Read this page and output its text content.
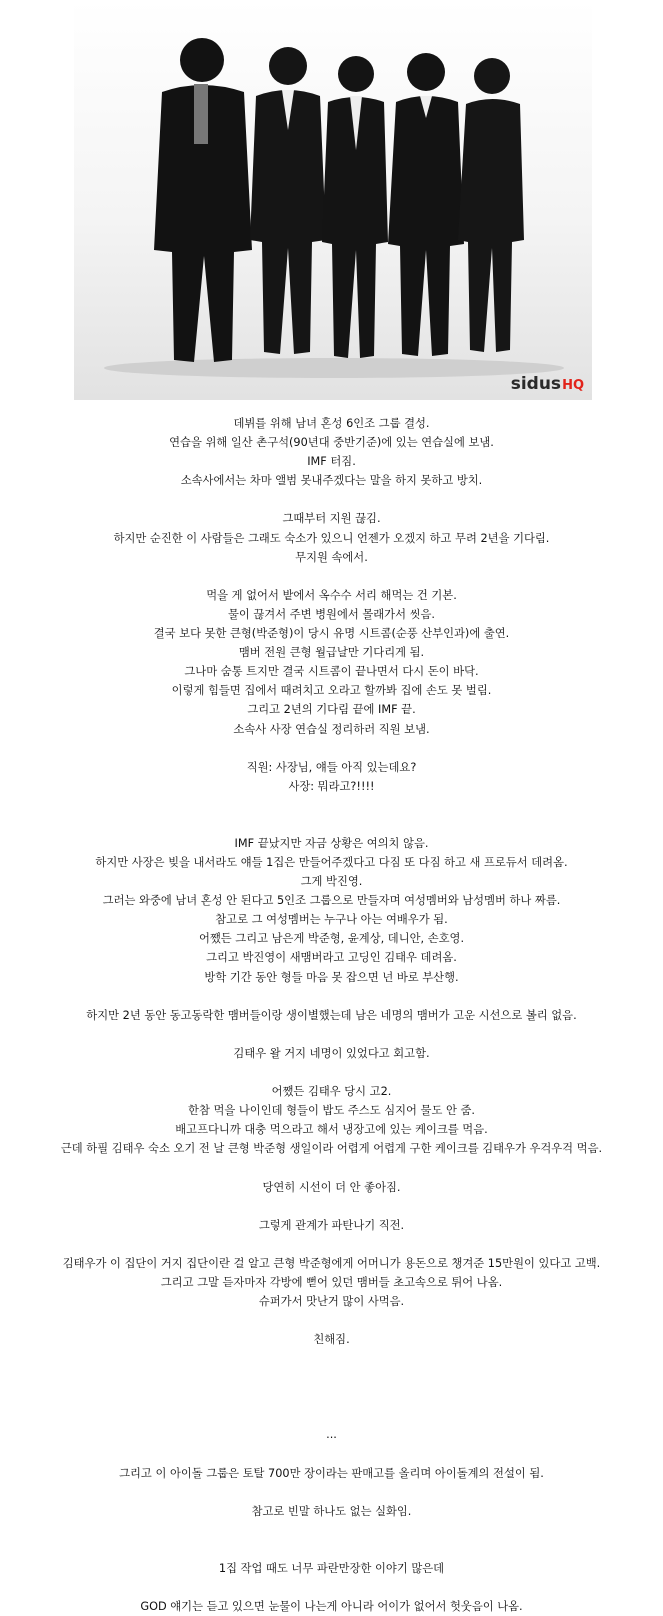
sidusHQ

데뷔를 위해 남녀 혼성 6인조 그룹 결성.

연습을 위해 일산 촌구석(90년대 중반기준)에 있는 연습실에 보냄.

IMF 터짐.

소속사에서는 차마 앨범 못내주겠다는 말을 하지 못하고 방치.

그때부터 지원 끊김.

하지만 순진한 이 사람들은 그래도 숙소가 있으니 언젠가 오겠지 하고 무려 2년을 기다림.

무지원 속에서.

먹을 게 없어서 밭에서 옥수수 서리 해먹는 건 기본.

물이 끊겨서 주변 병원에서 몰래가서 씻음.

결국 보다 못한 큰형(박준형)이 당시 유명 시트콤(순풍 산부인과)에 출연.

맴버 전원 큰형 월급날만 기다리게 됨.

그나마 숨통 트지만 결국 시트콤이 끝나면서 다시 돈이 바닥.

이렇게 힘들면 집에서 때려치고 오라고 할까봐 집에 손도 못 벌림.

그리고 2년의 기다림 끝에 IMF 끝.

소속사 사장 연습실 정리하러 직원 보냄.

직원: 사장님, 얘들 아직 있는데요?

사장: 뭐라고?!!!!

IMF 끝났지만 자금 상황은 여의치 않음.

하지만 사장은 빚을 내서라도 얘들 1집은 만들어주겠다고 다짐 또 다짐 하고 새 프로듀서 데려옴.

그게 박진영.

그러는 와중에 남녀 혼성 안 된다고 5인조 그룹으로 만들자며 여성멤버와 남성멤버 하나 짜름.

참고로 그 여성멤버는 누구나 아는 여배우가 됨.

어쨌든 그리고 남은게 박준형, 윤계상, 데니안, 손호영.

그리고 박진영이 새맴버라고 고딩인 김태우 데려옴.

방학 기간 동안 형들 마음 못 잡으면 넌 바로 부산행.

하지만 2년 동안 동고동락한 맴버들이랑 생이별했는데 남은 네명의 맴버가 고운 시선으로 볼리 없음.

김태우 왈 거지 네명이 있었다고 회고함.

어쨌든 김태우 당시 고2.

한참 먹을 나이인데 형들이 밥도 주스도 심지어 물도 안 줌.

배고프다니까 대충 먹으라고 해서 냉장고에 있는 케이크를 먹음.

근데 하필 김태우 숙소 오기 전 날 큰형 박준형 생일이라 어렵게 어렵게 구한 케이크를 김태우가 우걱우걱 먹음.

당연히 시선이 더 안 좋아짐.

그렇게 관계가 파탄나기 직전.

김태우가 이 집단이 거지 집단이란 걸 알고 큰형 박준형에게 어머니가 용돈으로 챙겨준 15만원이 있다고 고백.

그리고 그말 듣자마자 각방에 뻗어 있던 맴버들 초고속으로 튀어 나옴.

슈퍼가서 맛난거 많이 사먹음.

친해짐.

...

그리고 이 아이돌 그룹은 토탈 700만 장이라는 판매고를 올리며 아이돌계의 전설이 됨.

참고로 빈말 하나도 없는 실화임.

1집 작업 때도 너무 파란만장한 이야기 많은데

GOD 얘기는 듣고 있으면 눈물이 나는게 아니라 어이가 없어서 헛웃음이 나옴.
